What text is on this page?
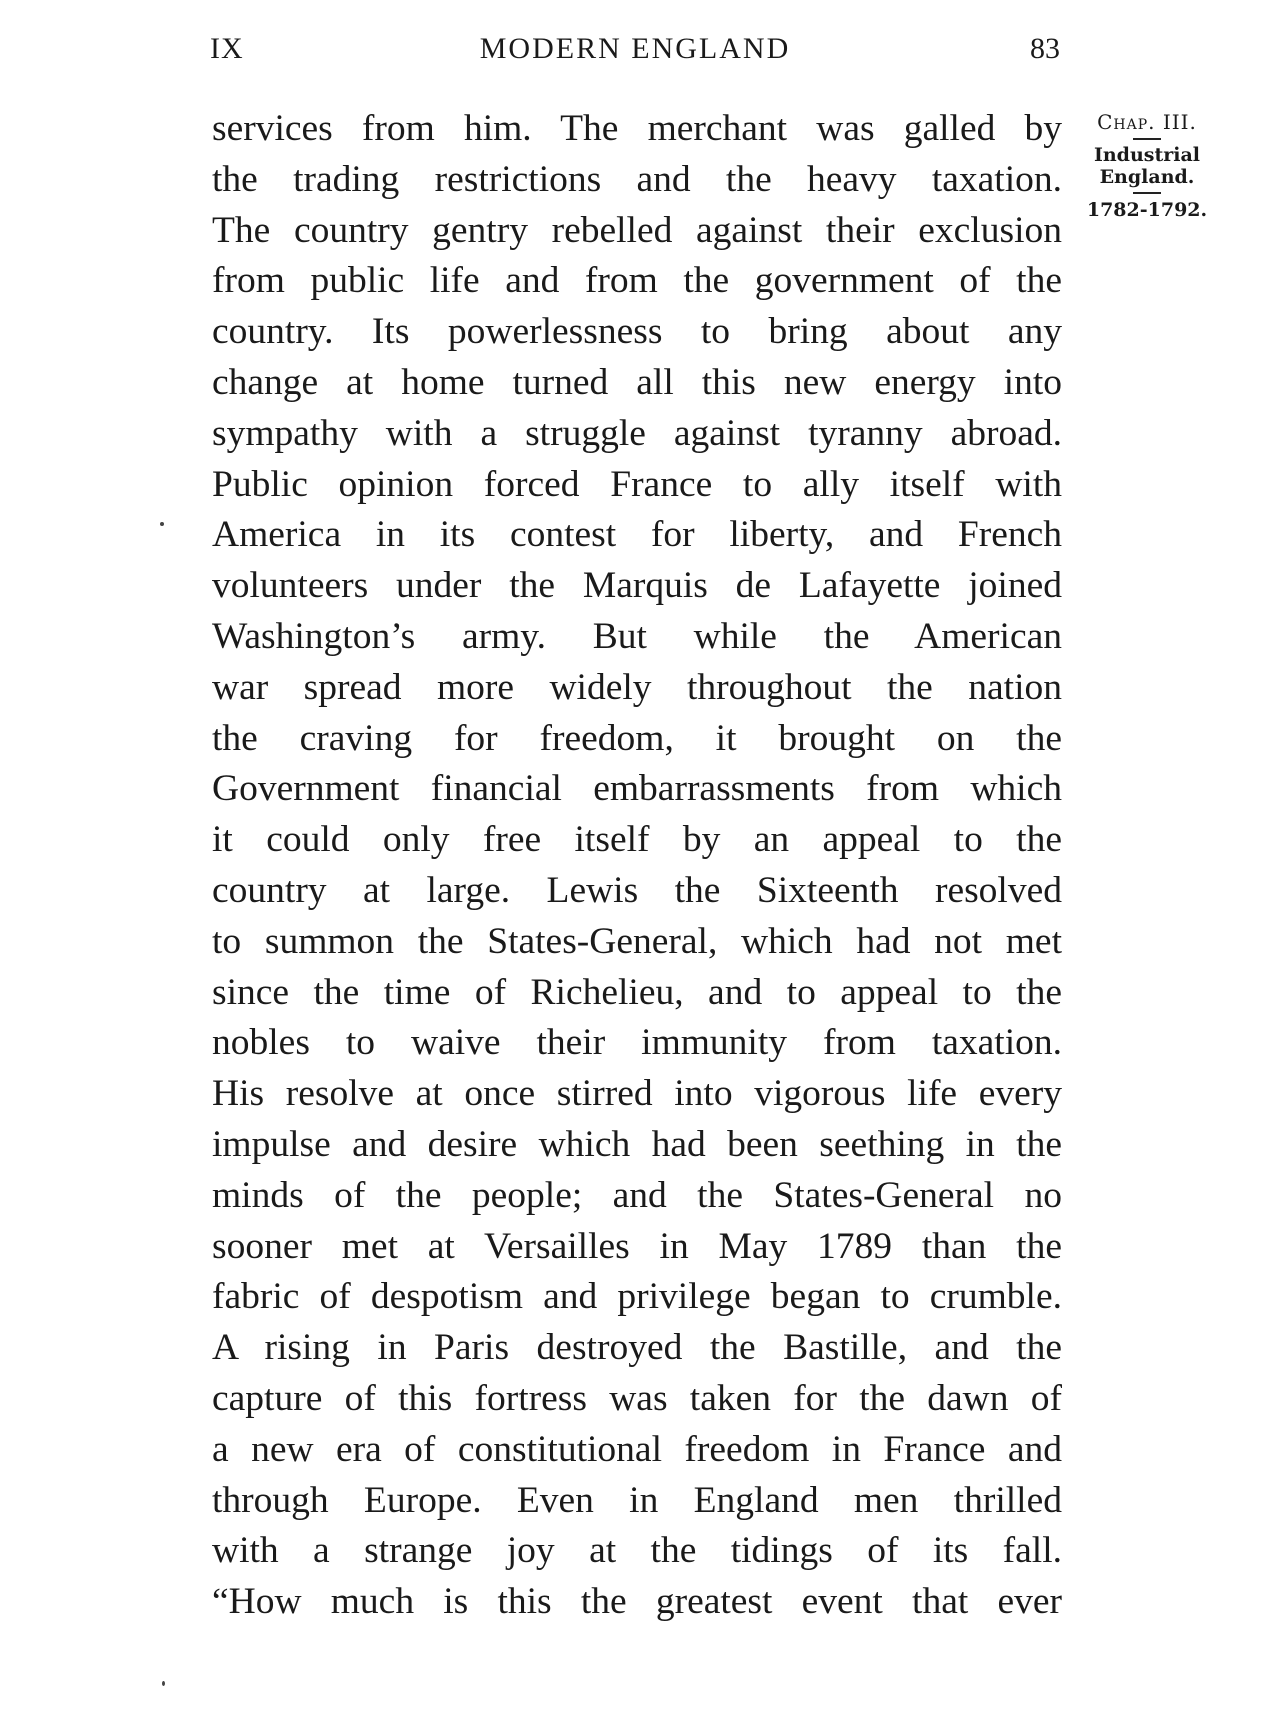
IX	MODERN ENGLAND	83
services from him. The merchant was galled by
the trading restrictions and the heavy taxation.
The country gentry rebelled against their exclusion
from public life and from the government of the
country. Its powerlessness to bring about any
change at home turned all this new energy into
sympathy with a struggle against tyranny abroad.
Public opinion forced France to ally itself with
America in its contest for liberty, and French
volunteers under the Marquis de Lafayette joined
Washington’s army. But while the American
war spread more widely throughout the nation
the craving for freedom, it brought on the
Government financial embarrassments from which
it could only free itself by an appeal to the
country at large. Lewis the Sixteenth resolved
to summon the States-General, which had not met
since the time of Richelieu, and to appeal to the
nobles to waive their immunity from taxation.
His resolve at once stirred into vigorous life every
impulse and desire which had been seething in the
minds of the people; and the States-General no
sooner met at Versailles in May 1789 than the
fabric of despotism and privilege began to crumble.
A rising in Paris destroyed the Bastille, and the
capture of this fortress was taken for the dawn of
a new era of constitutional freedom in France and
through Europe. Even in England men thrilled
with a strange joy at the tidings of its fall.
“How much is this the greatest event that ever
Chap. III.
Industrial
England.
1782-1792.
